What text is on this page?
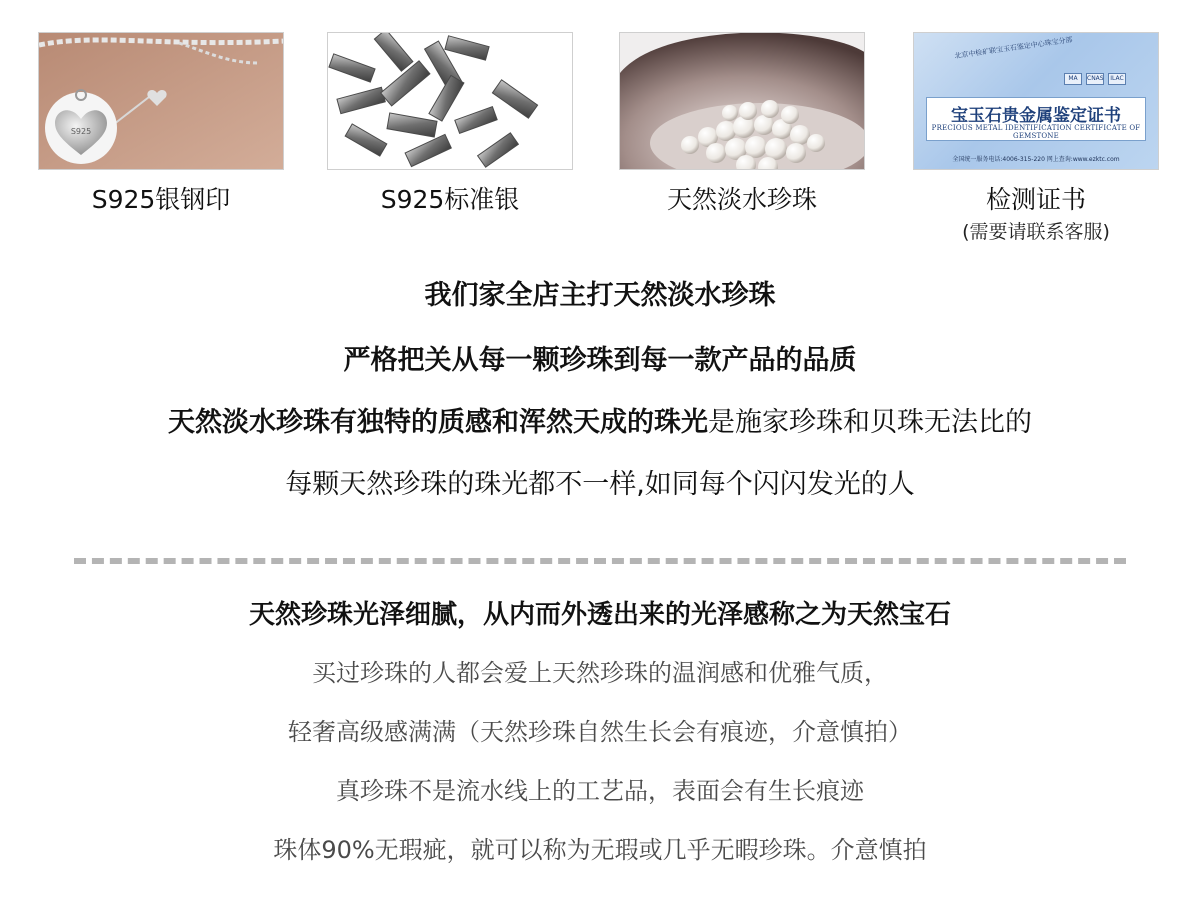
S925
S925银钢印	S925标准银	天然淡水珍珠
北京中检矿联宝玉石鉴定中心珠宝分部
MA	CNAS	ILAC
宝玉石贵金属鉴定证书
PRECIOUS METAL IDENTIFICATION CERTIFICATE OF GEMSTONE
全国统一服务电话:4006-315-220 网上查询:www.ezktc.com
检测证书
(需要请联系客服)
我们家全店主打天然淡水珍珠
严格把关从每一颗珍珠到每一款产品的品质
天然淡水珍珠有独特的质感和浑然天成的珠光是施家珍珠和贝珠无法比的
每颗天然珍珠的珠光都不一样,如同每个闪闪发光的人
天然珍珠光泽细腻，从内而外透出来的光泽感称之为天然宝石
买过珍珠的人都会爱上天然珍珠的温润感和优雅气质，
轻奢高级感满满（天然珍珠自然生长会有痕迹，介意慎拍）
真珍珠不是流水线上的工艺品，表面会有生长痕迹
珠体90%无瑕疵，就可以称为无瑕或几乎无暇珍珠。介意慎拍
